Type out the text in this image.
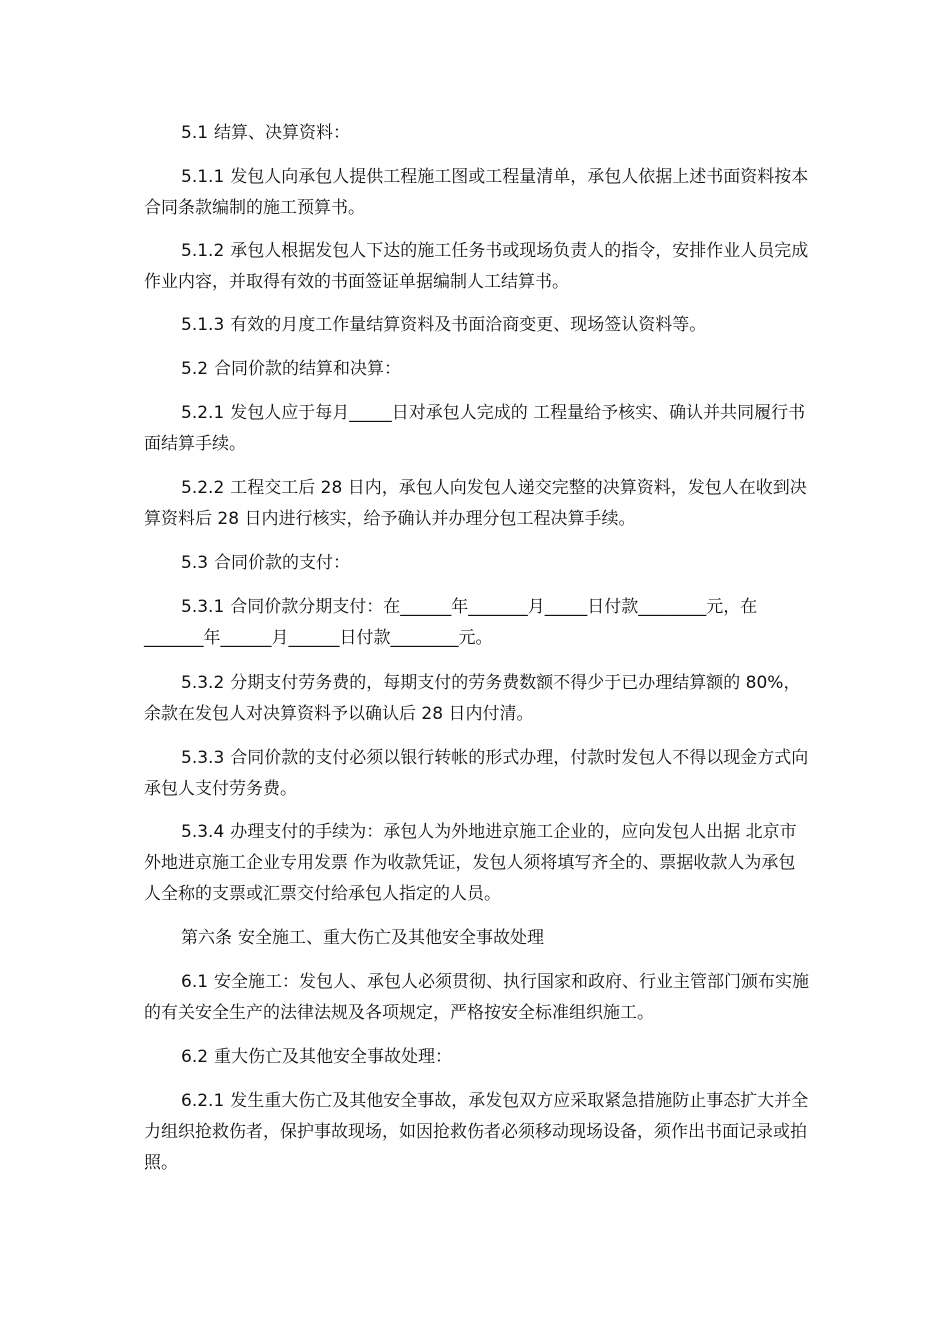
5.1 结算、决算资料：

5.1.1 发包人向承包人提供工程施工图或工程量清单，承包人依据上述书面资料按本合同条款编制的施工预算书。

5.1.2 承包人根据发包人下达的施工任务书或现场负责人的指令，安排作业人员完成作业内容，并取得有效的书面签证单据编制人工结算书。

5.1.3 有效的月度工作量结算资料及书面洽商变更、现场签认资料等。

5.2 合同价款的结算和决算：

5.2.1 发包人应于每月_____日对承包人完成的 工程量给予核实、确认并共同履行书面结算手续。

5.2.2 工程交工后 28 日内，承包人向发包人递交完整的决算资料，发包人在收到决算资料后 28 日内进行核实，给予确认并办理分包工程决算手续。

5.3 合同价款的支付：

5.3.1 合同价款分期支付：在______年_______月_____日付款________元，在_______年______月______日付款________元。

5.3.2 分期支付劳务费的，每期支付的劳务费数额不得少于已办理结算额的 80%，余款在发包人对决算资料予以确认后 28 日内付清。

5.3.3 合同价款的支付必须以银行转帐的形式办理，付款时发包人不得以现金方式向承包人支付劳务费。

5.3.4 办理支付的手续为：承包人为外地进京施工企业的，应向发包人出据 北京市外地进京施工企业专用发票 作为收款凭证，发包人须将填写齐全的、票据收款人为承包人全称的支票或汇票交付给承包人指定的人员。

第六条 安全施工、重大伤亡及其他安全事故处理

6.1 安全施工：发包人、承包人必须贯彻、执行国家和政府、行业主管部门颁布实施的有关安全生产的法律法规及各项规定，严格按安全标准组织施工。

6.2 重大伤亡及其他安全事故处理：

6.2.1 发生重大伤亡及其他安全事故，承发包双方应采取紧急措施防止事态扩大并全力组织抢救伤者，保护事故现场，如因抢救伤者必须移动现场设备，须作出书面记录或拍照。
